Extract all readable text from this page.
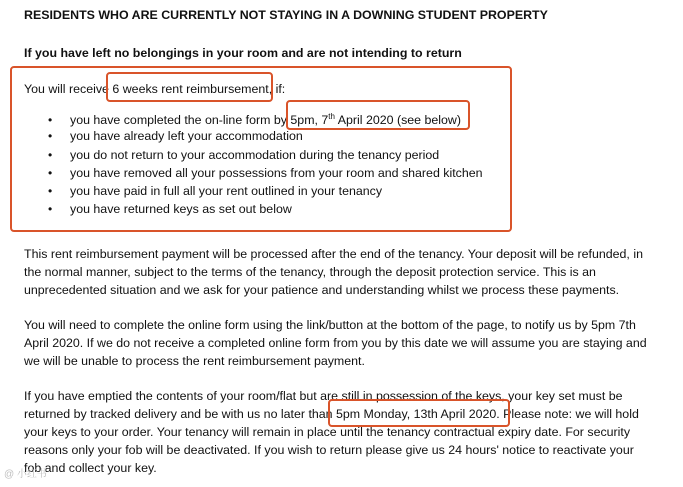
RESIDENTS WHO ARE CURRENTLY NOT STAYING IN A DOWNING STUDENT PROPERTY
If you have left no belongings in your room and are not intending to return
You will receive 6 weeks rent reimbursement, if:
• you have completed the on-line form by 5pm, 7th April 2020 (see below)
• you have already left your accommodation
• you do not return to your accommodation during the tenancy period
• you have removed all your possessions from your room and shared kitchen
• you have paid in full all your rent outlined in your tenancy
• you have returned keys as set out below
This rent reimbursement payment will be processed after the end of the tenancy. Your deposit will be refunded, in
the normal manner, subject to the terms of the tenancy, through the deposit protection service. This is an
unprecedented situation and we ask for your patience and understanding whilst we process these payments.
You will need to complete the online form using the link/button at the bottom of the page, to notify us by 5pm 7th
April 2020. If we do not receive a completed online form from you by this date we will assume you are staying and
we will be unable to process the rent reimbursement payment.
If you have emptied the contents of your room/flat but are still in possession of the keys, your key set must be
returned by tracked delivery and be with us no later than 5pm Monday, 13th April 2020. Please note: we will hold
your keys to your order. Your tenancy will remain in place until the tenancy contractual expiry date. For security
reasons only your fob will be deactivated. If you wish to return please give us 24 hours' notice to reactivate your
fob and collect your key.
@ 小红书
